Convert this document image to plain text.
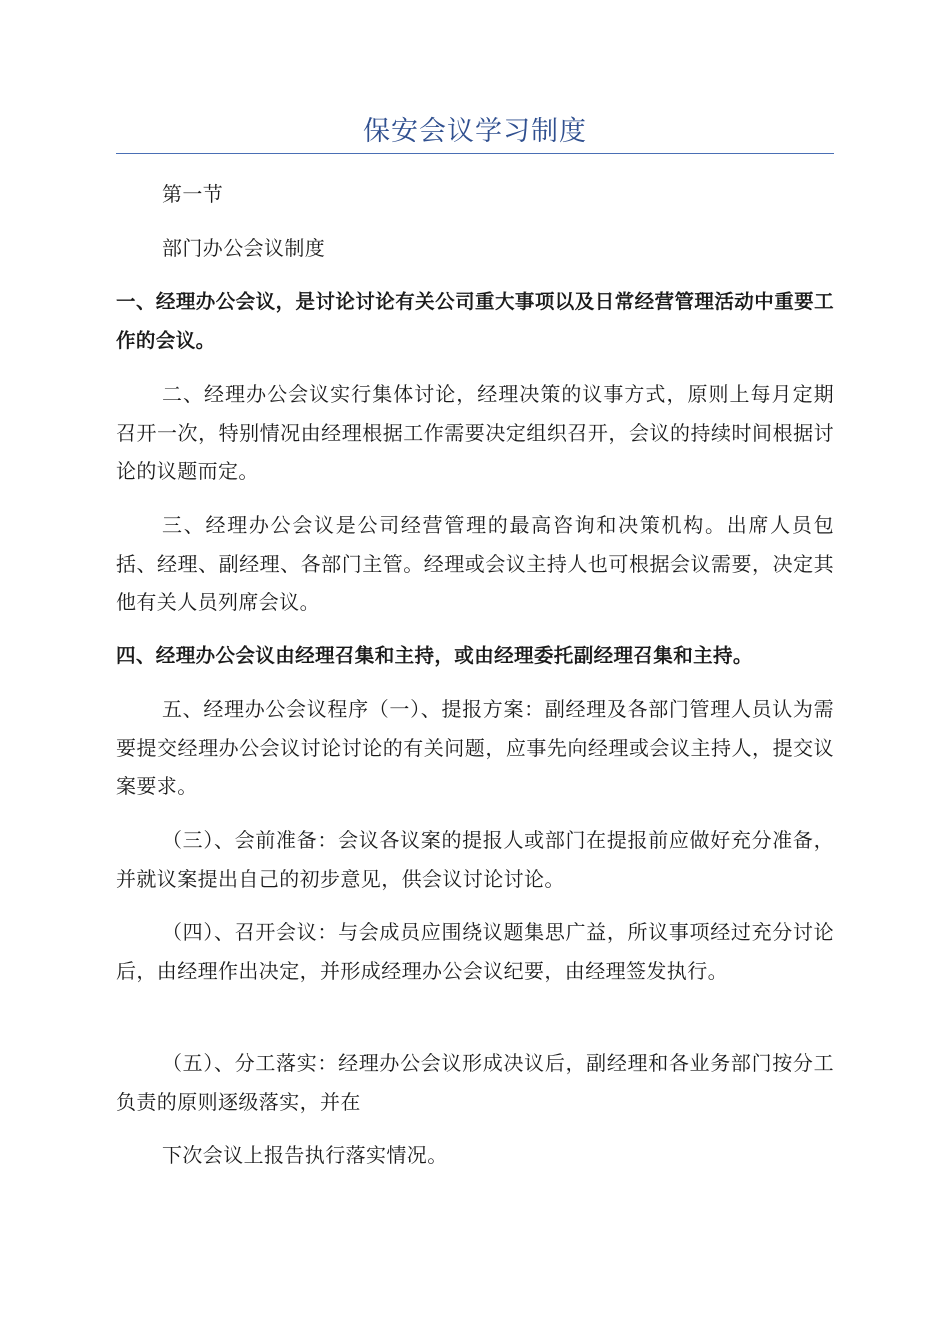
保安会议学习制度

第一节

部门办公会议制度

一、经理办公会议，是讨论讨论有关公司重大事项以及日常经营管理活动中重要工作的会议。

二、经理办公会议实行集体讨论，经理决策的议事方式，原则上每月定期召开一次，特别情况由经理根据工作需要决定组织召开，会议的持续时间根据讨论的议题而定。

三、经理办公会议是公司经营管理的最高咨询和决策机构。出席人员包括、经理、副经理、各部门主管。经理或会议主持人也可根据会议需要，决定其他有关人员列席会议。

四、经理办公会议由经理召集和主持，或由经理委托副经理召集和主持。

五、经理办公会议程序（一）、提报方案：副经理及各部门管理人员认为需要提交经理办公会议讨论讨论的有关问题，应事先向经理或会议主持人，提交议案要求。

（三）、会前准备：会议各议案的提报人或部门在提报前应做好充分准备，并就议案提出自己的初步意见，供会议讨论讨论。

（四）、召开会议：与会成员应围绕议题集思广益，所议事项经过充分讨论后，由经理作出决定，并形成经理办公会议纪要，由经理签发执行。

（五）、分工落实：经理办公会议形成决议后，副经理和各业务部门按分工负责的原则逐级落实，并在

下次会议上报告执行落实情况。
